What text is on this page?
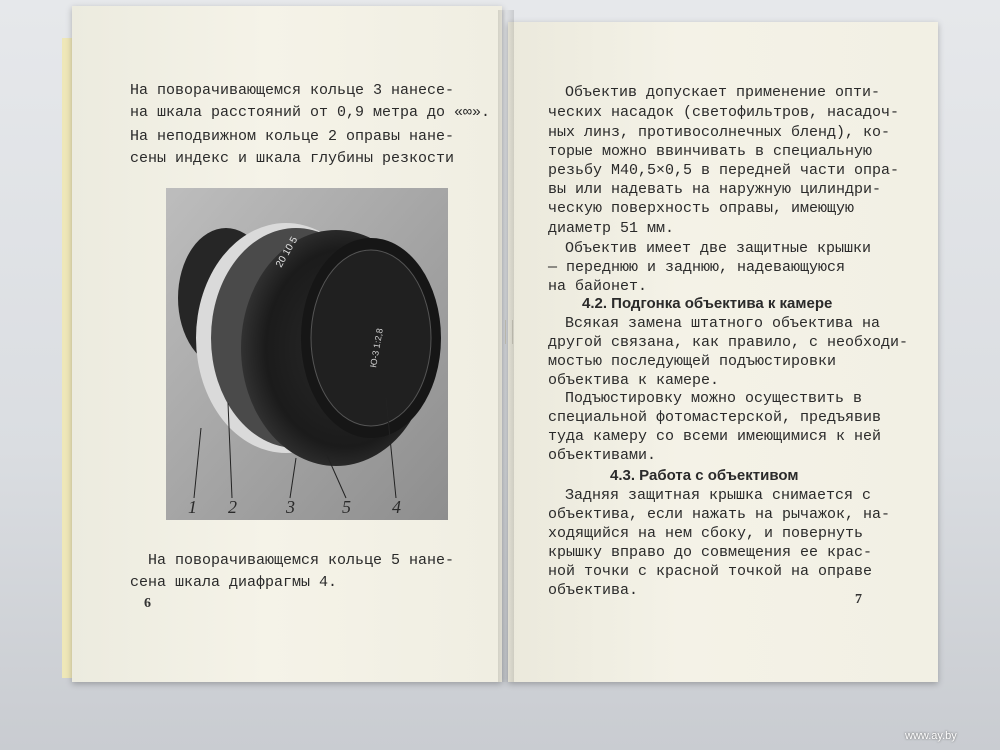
На поворачивающемся кольце 3 нанесе-
на шкала расстояний от 0,9 метра до «∞».
На неподвижном кольце 2 оправы нане-
сены индекс и шкала глубины резкости
Ю-3 1:2,8
20 10 5
1 2	3	5 4
На поворачивающемся кольце 5 нане-
сена шкала диафрагмы 4.
6
Объектив допускает применение опти-
ческих насадок (светофильтров, насадоч-
ных линз, противосолнечных бленд), ко-
торые можно ввинчивать в специальную
резьбу М40,5×0,5 в передней части опра-
вы или надевать на наружную цилиндри-
ческую поверхность оправы, имеющую
диаметр 51 мм.
Объектив имеет две защитные крышки
— переднюю и заднюю, надевающуюся
на байонет.
4.2. Подгонка объектива к камере
Всякая замена штатного объектива на
другой связана, как правило, с необходи-
мостью последующей подъюстировки
объектива к камере.
Подъюстировку можно осуществить в
специальной фотомастерской, предъявив
туда камеру со всеми имеющимися к ней
объективами.
4.3. Работа с объективом
Задняя защитная крышка снимается с
объектива, если нажать на рычажок, на-
ходящийся на нем сбоку, и повернуть
крышку вправо до совмещения ее крас-
ной точки с красной точкой на оправе
объектива.
7
www.ay.by
